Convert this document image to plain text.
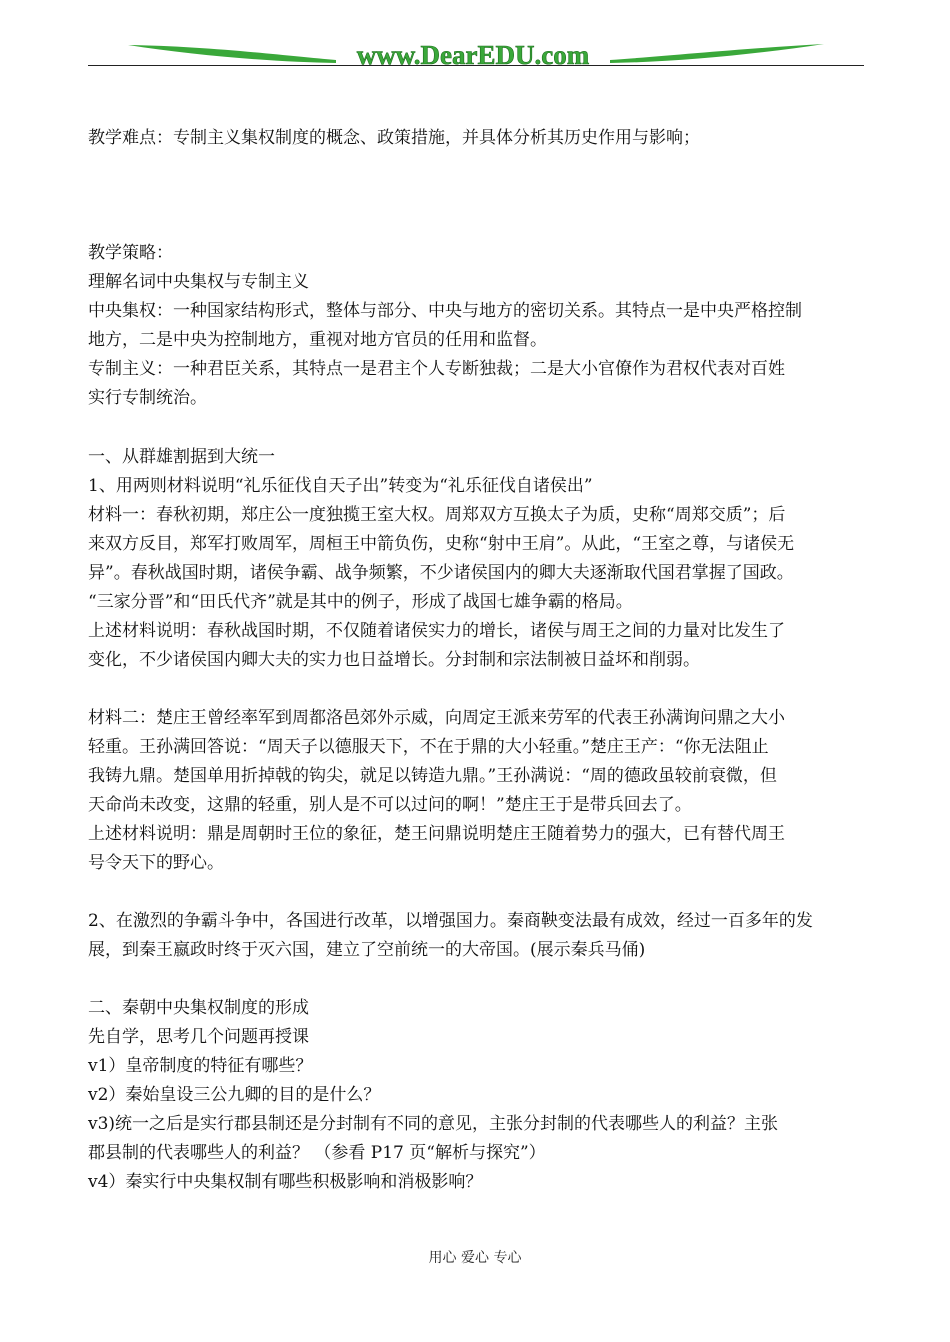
www.DearEDU.com
教学难点：专制主义集权制度的概念、政策措施，并具体分析其历史作用与影响；
教学策略：
理解名词中央集权与专制主义
中央集权：一种国家结构形式，整体与部分、中央与地方的密切关系。其特点一是中央严格控制
地方，二是中央为控制地方，重视对地方官员的任用和监督。
专制主义：一种君臣关系，其特点一是君主个人专断独裁；二是大小官僚作为君权代表对百姓
实行专制统治。
一、从群雄割据到大统一
1、用两则材料说明“礼乐征伐自天子出”转变为“礼乐征伐自诸侯出”
材料一：春秋初期，郑庄公一度独揽王室大权。周郑双方互换太子为质，史称“周郑交质”；后
来双方反目，郑军打败周军，周桓王中箭负伤，史称“射中王肩”。从此，“王室之尊，与诸侯无
异”。春秋战国时期，诸侯争霸、战争频繁，不少诸侯国内的卿大夫逐渐取代国君掌握了国政。
“三家分晋”和“田氏代齐”就是其中的例子，形成了战国七雄争霸的格局。
上述材料说明：春秋战国时期，不仅随着诸侯实力的增长，诸侯与周王之间的力量对比发生了
变化，不少诸侯国内卿大夫的实力也日益增长。分封制和宗法制被日益坏和削弱。
材料二：楚庄王曾经率军到周都洛邑郊外示威，向周定王派来劳军的代表王孙满询问鼎之大小
轻重。王孙满回答说：“周天子以德服天下，不在于鼎的大小轻重。”楚庄王产：“你无法阻止
我铸九鼎。楚国单用折掉戟的钩尖，就足以铸造九鼎。”王孙满说：“周的德政虽较前衰微，但
天命尚未改变，这鼎的轻重，别人是不可以过问的啊！”楚庄王于是带兵回去了。
上述材料说明：鼎是周朝时王位的象征，楚王问鼎说明楚庄王随着势力的强大，已有替代周王
号令天下的野心。
2、在激烈的争霸斗争中，各国进行改革，以增强国力。秦商鞅变法最有成效，经过一百多年的发
展，到秦王嬴政时终于灭六国，建立了空前统一的大帝国。(展示秦兵马俑)
二、秦朝中央集权制度的形成
先自学，思考几个问题再授课
v1）皇帝制度的特征有哪些？
v2）秦始皇设三公九卿的目的是什么？
v3)统一之后是实行郡县制还是分封制有不同的意见，主张分封制的代表哪些人的利益？主张
郡县制的代表哪些人的利益？ （参看 P17 页“解析与探究”）
v4）秦实行中央集权制有哪些积极影响和消极影响？
用心 爱心 专心
